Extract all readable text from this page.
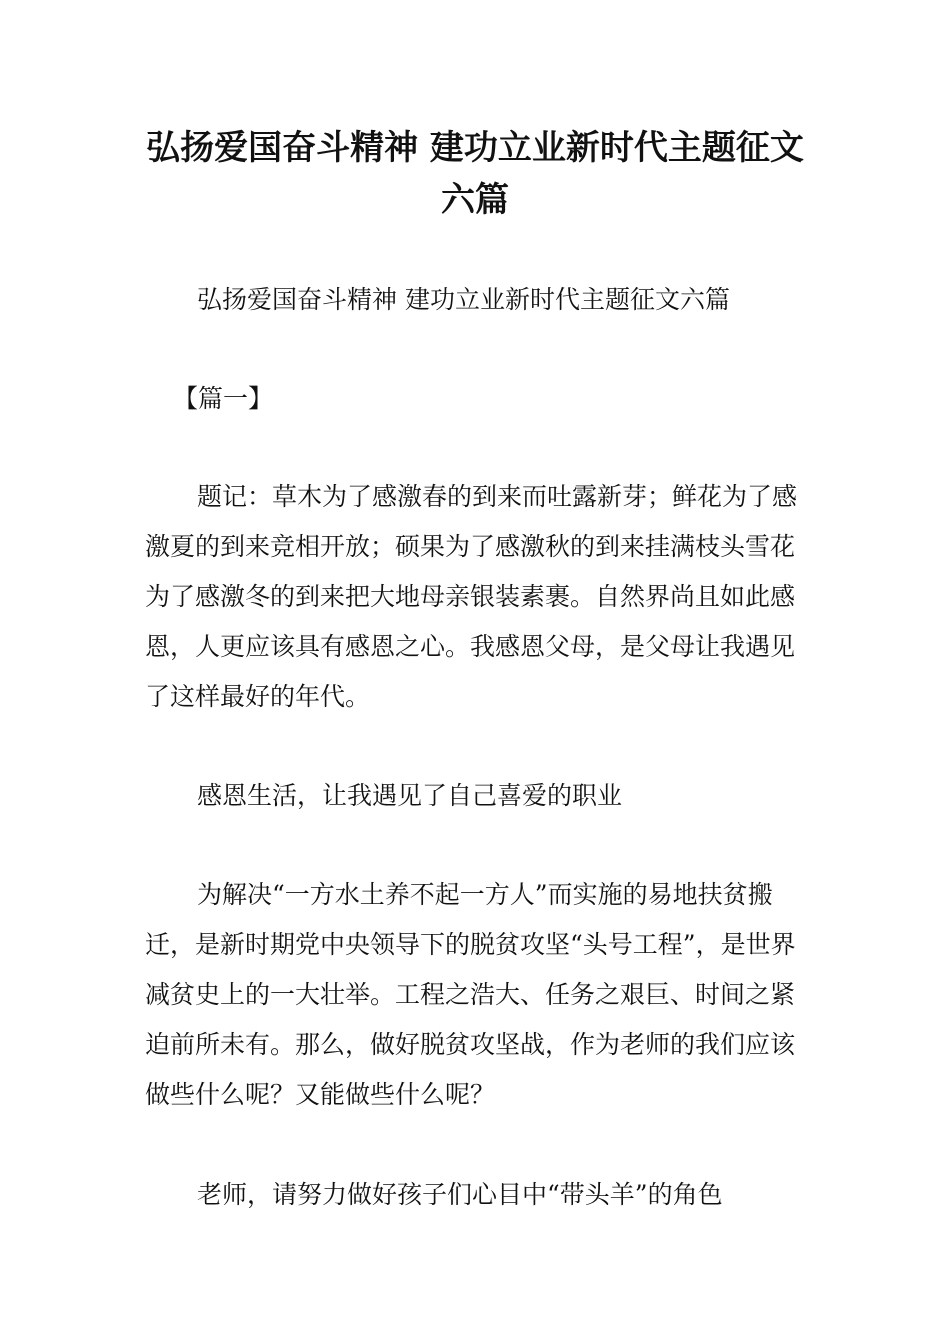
弘扬爱国奋斗精神 建功立业新时代主题征文六篇

弘扬爱国奋斗精神 建功立业新时代主题征文六篇

【篇一】

题记：草木为了感激春的到来而吐露新芽；鲜花为了感激夏的到来竞相开放；硕果为了感激秋的到来挂满枝头雪花为了感激冬的到来把大地母亲银装素裹。自然界尚且如此感恩，人更应该具有感恩之心。我感恩父母，是父母让我遇见了这样最好的年代。

感恩生活，让我遇见了自己喜爱的职业

为解决“一方水土养不起一方人”而实施的易地扶贫搬迁，是新时期党中央领导下的脱贫攻坚“头号工程”，是世界减贫史上的一大壮举。工程之浩大、任务之艰巨、时间之紧迫前所未有。那么，做好脱贫攻坚战，作为老师的我们应该做些什么呢？又能做些什么呢？

老师，请努力做好孩子们心目中“带头羊”的角色
